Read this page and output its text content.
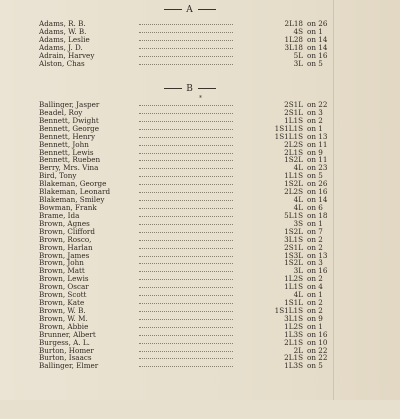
A
B
*
Adams, R. B.	2L18 on 26
Adams, W. B.	4S on 1
Adams, Leslie	1L28 on 14
Adams, J. D.	3L18 on 14
Adrain, Harvey	5L on 16
Alston, Chas	3L on 5
Ballinger, Jasper	2S1L on 22
Beadel, Roy	2S1L on 3
Bennett, Dwight	1L1S on 2
Bennett, George	1S1L1S on 1
Bennett, Henry	1S1L1S on 13
Bennett, John	2L2S on 11
Bennett, Lewis	2L1S on 9
Bennett, Rueben	1S2L on 11
Berry, Mrs. Vina	4L on 23
Bird, Tony	1L1S on 5
Blakeman, George	1S2L on 26
Blakeman, Leonard	2L2S on 16
Blakeman, Smiley	4L on 14
Bowman, Frank	4L on 6
Brame, Ida	5L1S on 18
Brown, Agnes	3S on 1
Brown, Clifford	1S2L on 7
Brown, Rosco,	3L1S on 2
Brown, Harlan	2S1L on 2
Brown, James	1S3L on 13
Brown, John	1S2L on 3
Brown, Matt	3L on 16
Brown, Lewis	1L2S on 2
Brown, Oscar	1L1S on 4
Brown, Scott	4L on 1
Brown, Kate	1S1L on 2
Brown, W. B.	1S1L1S on 2
Brown, W. M.	3L1S on 9
Brown, Abbie	1L2S on 1
Brunner, Albert	1L3S on 16
Burgess, A. L.	2L1S on 10
Burton, Homer	2L on 22
Burton, Isaacs	2L1S on 22
Ballinger, Elmer	1L3S on 5
